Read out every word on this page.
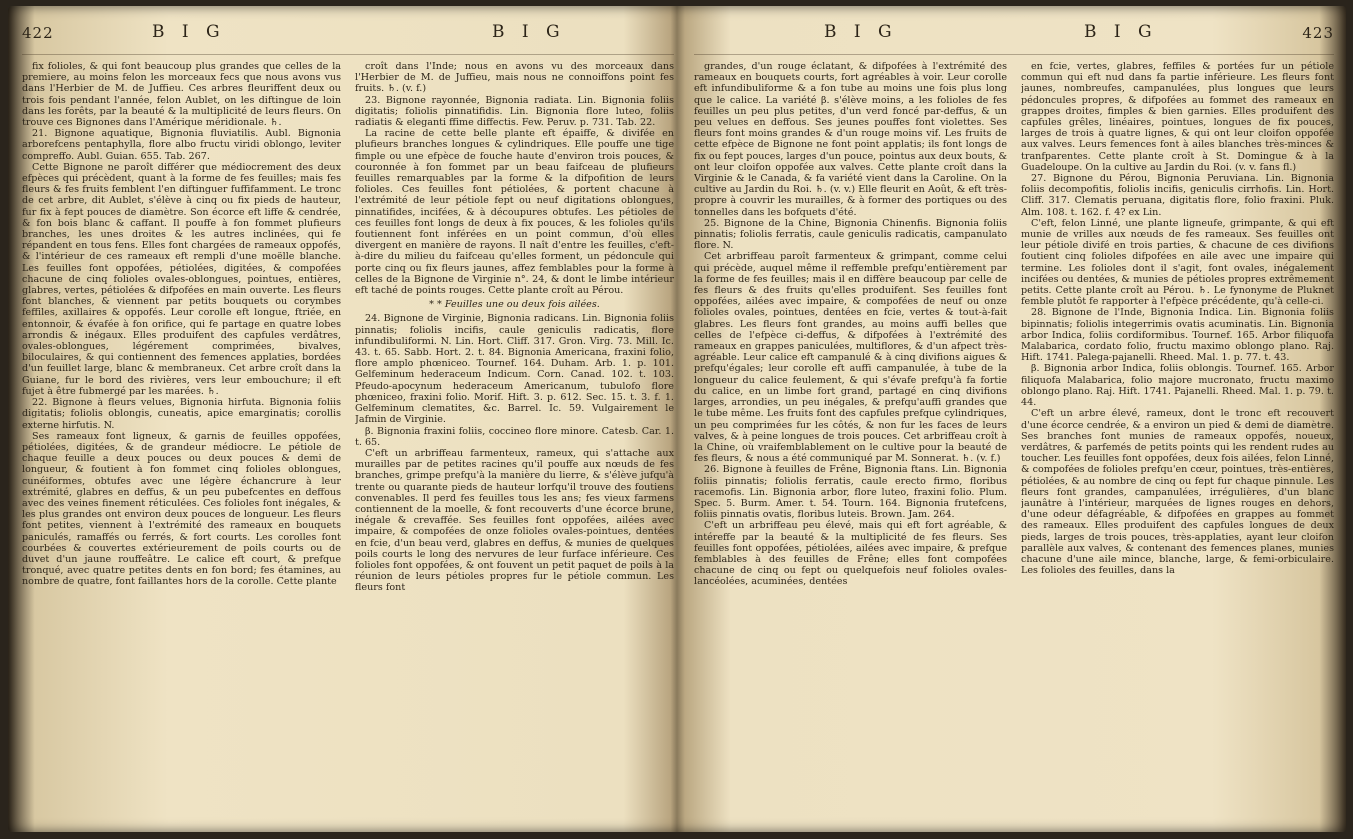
422	B I G	B I G

fix folioles, & qui font beaucoup plus grandes que celles de la premiere, au moins felon les morceaux fecs que nous avons vus dans l'Herbier de M. de Juffieu. Ces arbres fleuriffent deux ou trois fois pendant l'année, felon Aublet, on les diftingue de loin dans les forêts, par la beauté & la multiplicité de leurs fleurs. On trouve ces Bignones dans l'Amérique méridionale. ♄.

21. Bignone aquatique, Bignonia fluviatilis. Aubl. Bignonia arborefcens pentaphylla, flore albo fructu viridi oblongo, leviter compreffo. Aubl. Guian. 655. Tab. 267.

Cette Bignone ne paroît différer que médiocrement des deux efpèces qui précèdent, quant à la forme de fes feuilles; mais fes fleurs & fes fruits femblent l'en diftinguer fuffifamment. Le tronc de cet arbre, dit Aublet, s'élève à cinq ou fix pieds de hauteur, fur fix à fept pouces de diamètre. Son écorce eft liffe & cendrée, & fon bois blanc & caffant. Il pouffe à fon fommet plufieurs branches, les unes droites & les autres inclinées, qui fe répandent en tous fens. Elles font chargées de rameaux oppofés, & l'intérieur de ces rameaux eft rempli d'une moëlle blanche. Les feuilles font oppofées, pétiolées, digitées, & compofées chacune de cinq folioles ovales-oblongues, pointues, entières, glabres, vertes, pétiolées & difpofées en main ouverte. Les fleurs font blanches, & viennent par petits bouquets ou corymbes feffiles, axillaires & oppofés. Leur corolle eft longue, ftriée, en entonnoir, & évafée à fon orifice, qui fe partage en quatre lobes arrondis & inégaux. Elles produifent des capfules verdâtres, ovales-oblongues, légérement comprimées, bivalves, biloculaires, & qui contiennent des femences applaties, bordées d'un feuillet large, blanc & membraneux. Cet arbre croît dans la Guiane, fur le bord des rivières, vers leur embouchure; il eft fujet à être fubmergé par les marées. ♄.

22. Bignone à fleurs velues, Bignonia hirfuta. Bignonia foliis digitatis; foliolis oblongis, cuneatis, apice emarginatis; corollis externe hirfutis. N.

Ses rameaux font ligneux, & garnis de feuilles oppofées, pétiolées, digitées, & de grandeur médiocre. Le pétiole de chaque feuille a deux pouces ou deux pouces & demi de longueur, & foutient à fon fommet cinq folioles oblongues, cunéiformes, obtufes avec une légère échancrure à leur extrémité, glabres en deffus, & un peu pubefcentes en deffous avec des veines finement réticulées. Ces folioles font inégales, & les plus grandes ont environ deux pouces de longueur. Les fleurs font petites, viennent à l'extrémité des rameaux en bouquets paniculés, ramaffés ou ferrés, & fort courts. Les corolles font courbées & couvertes extérieurement de poils courts ou de duvet d'un jaune rouffeâtre. Le calice eft court, & prefque tronqué, avec quatre petites dents en fon bord; fes étamines, au nombre de quatre, font faillantes hors de la corolle. Cette plante

croît dans l'Inde; nous en avons vu des morceaux dans l'Herbier de M. de Juffieu, mais nous ne connoiffons point fes fruits. ♄. (v. f.)

23. Bignone rayonnée, Bignonia radiata. Lin. Bignonia foliis digitatis; foliolis pinnatifidis. Lin. Bignonia flore luteo, foliis radiatis & eleganti ffime diffectis. Few. Peruv. p. 731. Tab. 22.

La racine de cette belle plante eft épaiffe, & divifée en plufieurs branches longues & cylindriques. Elle pouffe une tige fimple ou une efpèce de fouche haute d'environ trois pouces, & couronnée à fon fommet par un beau faifceau de plufieurs feuilles remarquables par la forme & la difpofition de leurs folioles. Ces feuilles font pétiolées, & portent chacune à l'extrémité de leur pétiole fept ou neuf digitations oblongues, pinnatifides, incifées, & à découpures obtufes. Les pétioles de ces feuilles font longs de deux à fix pouces, & les folioles qu'ils foutiennent font inférées en un point commun, d'où elles divergent en manière de rayons. Il naît d'entre les feuilles, c'eft-à-dire du milieu du faifceau qu'elles forment, un pédoncule qui porte cinq ou fix fleurs jaunes, affez femblables pour la forme à celles de la Bignone de Virginie n°. 24, & dont le limbe intérieur eft taché de points rouges. Cette plante croît au Pérou.

* * Feuilles une ou deux fois ailées.

24. Bignone de Virginie, Bignonia radicans. Lin. Bignonia foliis pinnatis; foliolis incifis, caule geniculis radicatis, flore infundibuliformi. N. Lin. Hort. Cliff. 317. Gron. Virg. 73. Mill. Ic. 43. t. 65. Sabb. Hort. 2. t. 84. Bignonia Americana, fraxini folio, flore amplo phœniceo. Tournef. 164. Duham. Arb. 1. p. 101. Gelfeminum hederaceum Indicum. Corn. Canad. 102. t. 103. Pfeudo-apocynum hederaceum Americanum, tubulofo flore phœniceo, fraxini folio. Morif. Hift. 3. p. 612. Sec. 15. t. 3. f. 1. Gelfeminum clematites, &c. Barrel. Ic. 59. Vulgairement le Jafmin de Virginie.

β. Bignonia fraxini foliis, coccineo flore minore. Catesb. Car. 1. t. 65.

C'eft un arbriffeau farmenteux, rameux, qui s'attache aux murailles par de petites racines qu'il pouffe aux nœuds de fes branches, grimpe prefqu'à la manière du lierre, & s'élève jufqu'à trente ou quarante pieds de hauteur lorfqu'il trouve des foutiens convenables. Il perd fes feuilles tous les ans; fes vieux farmens contiennent de la moelle, & font recouverts d'une écorce brune, inégale & crevaffée. Ses feuilles font oppofées, ailées avec impaire, & compofées de onze folioles ovales-pointues, dentées en fcie, d'un beau verd, glabres en deffus, & munies de quelques poils courts le long des nervures de leur furface inférieure. Ces folioles font oppofées, & ont fouvent un petit paquet de poils à la réunion de leurs pétioles propres fur le pétiole commun. Les fleurs font

B I G	B I G	423

grandes, d'un rouge éclatant, & difpofées à l'extrémité des rameaux en bouquets courts, fort agréables à voir. Leur corolle eft infundibuliforme & a fon tube au moins une fois plus long que le calice. La variété β. s'élève moins, a les folioles de fes feuilles un peu plus petites, d'un verd foncé par-deffus, & un peu velues en deffous. Ses jeunes pouffes font violettes. Ses fleurs font moins grandes & d'un rouge moins vif. Les fruits de cette efpèce de Bignone ne font point applatis; ils font longs de fix ou fept pouces, larges d'un pouce, pointus aux deux bouts, & ont leur cloifon oppofée aux valves. Cette plante croît dans la Virginie & le Canada, & fa variété vient dans la Caroline. On la cultive au Jardin du Roi. ♄. (v. v.) Elle fleurit en Août, & eft très-propre à couvrir les murailles, & à former des portiques ou des tonnelles dans les bofquets d'été.

25. Bignone de la Chine, Bignonia Chinenfis. Bignonia foliis pinnatis; foliolis ferratis, caule geniculis radicatis, campanulato flore. N.

Cet arbriffeau paroît farmenteux & grimpant, comme celui qui précède, auquel même il reffemble prefqu'entièrement par la forme de fes feuilles; mais il en diffère beaucoup par celle de fes fleurs & des fruits qu'elles produifent. Ses feuilles font oppofées, ailées avec impaire, & compofées de neuf ou onze folioles ovales, pointues, dentées en fcie, vertes & tout-à-fait glabres. Les fleurs font grandes, au moins auffi belles que celles de l'efpèce ci-deffus, & difpofées à l'extrémité des rameaux en grappes paniculées, multiflores, & d'un afpect très-agréable. Leur calice eft campanulé & à cinq divifions aigues & prefqu'égales; leur corolle eft auffi campanulée, à tube de la longueur du calice feulement, & qui s'évafe prefqu'à fa fortie du calice, en un limbe fort grand, partagé en cinq divifions larges, arrondies, un peu inégales, & prefqu'auffi grandes que le tube même. Les fruits font des capfules prefque cylindriques, un peu comprimées fur les côtés, & non fur les faces de leurs valves, & à peine longues de trois pouces. Cet arbriffeau croît à la Chine, où vraifemblablement on le cultive pour la beauté de fes fleurs, & nous a été communiqué par M. Sonnerat. ♄. (v. f.)

26. Bignone à feuilles de Frêne, Bignonia ftans. Lin. Bignonia foliis pinnatis; foliolis ferratis, caule erecto firmo, floribus racemofis. Lin. Bignonia arbor, flore luteo, fraxini folio. Plum. Spec. 5. Burm. Amer. t. 54. Tourn. 164. Bignonia frutefcens, foliis pinnatis ovatis, floribus luteis. Brown. Jam. 264.

C'eft un arbriffeau peu élevé, mais qui eft fort agréable, & intéreffe par la beauté & la multiplicité de fes fleurs. Ses feuilles font oppofées, pétiolées, ailées avec impaire, & prefque femblables à des feuilles de Frêne; elles font compofées chacune de cinq ou fept ou quelquefois neuf folioles ovales-lancéolées, acuminées, dentées

en fcie, vertes, glabres, feffiles & portées fur un pétiole commun qui eft nud dans fa partie inférieure. Les fleurs font jaunes, nombreufes, campanulées, plus longues que leurs pédoncules propres, & difpofées au fommet des rameaux en grappes droites, fimples & bien garnies. Elles produifent des capfules grêles, linéaires, pointues, longues de fix pouces, larges de trois à quatre lignes, & qui ont leur cloifon oppofée aux valves. Leurs femences font à ailes blanches très-minces & tranfparentes. Cette plante croît à St. Domingue & à la Guadeloupe. On la cultive au Jardin du Roi. (v. v. fans fl.)

27. Bignone du Pérou, Bignonia Peruviana. Lin. Bignonia foliis decompofitis, foliolis incifis, geniculis cirrhofis. Lin. Hort. Cliff. 317. Clematis peruana, digitatis flore, folio fraxini. Pluk. Alm. 108. t. 162. f. 4? ex Lin.

C'eft, felon Linné, une plante ligneufe, grimpante, & qui eft munie de vrilles aux nœuds de fes rameaux. Ses feuilles ont leur pétiole divifé en trois parties, & chacune de ces divifions foutient cinq folioles difpofées en aile avec une impaire qui termine. Les folioles dont il s'agit, font ovales, inégalement incifées ou dentées, & munies de pétioles propres extrêmement petits. Cette plante croît au Pérou. ♄. Le fynonyme de Pluknet femble plutôt fe rapporter à l'efpèce précédente, qu'à celle-ci.

28. Bignone de l'Inde, Bignonia Indica. Lin. Bignonia foliis bipinnatis; foliolis integerrimis ovatis acuminatis. Lin. Bignonia arbor Indica, foliis cordiformibus. Tournef. 165. Arbor filiquofa Malabarica, cordato folio, fructu maximo oblongo plano. Raj. Hift. 1741. Palega-pajanelli. Rheed. Mal. 1. p. 77. t. 43.

β. Bignonia arbor Indica, foliis oblongis. Tournef. 165. Arbor filiquofa Malabarica, folio majore mucronato, fructu maximo oblongo plano. Raj. Hift. 1741. Pajanelli. Rheed. Mal. 1. p. 79. t. 44.

C'eft un arbre élevé, rameux, dont le tronc eft recouvert d'une écorce cendrée, & a environ un pied & demi de diamètre. Ses branches font munies de rameaux oppofés, noueux, verdâtres, & parfemés de petits points qui les rendent rudes au toucher. Les feuilles font oppofées, deux fois ailées, felon Linné, & compofées de folioles prefqu'en cœur, pointues, très-entières, pétiolées, & au nombre de cinq ou fept fur chaque pinnule. Les fleurs font grandes, campanulées, irrégulières, d'un blanc jaunâtre à l'intérieur, marquées de lignes rouges en dehors, d'une odeur défagréable, & difpofées en grappes au fommet des rameaux. Elles produifent des capfules longues de deux pieds, larges de trois pouces, très-applaties, ayant leur cloifon parallèle aux valves, & contenant des femences planes, munies chacune d'une aile mince, blanche, large, & femi-orbiculaire. Les folioles des feuilles, dans la
